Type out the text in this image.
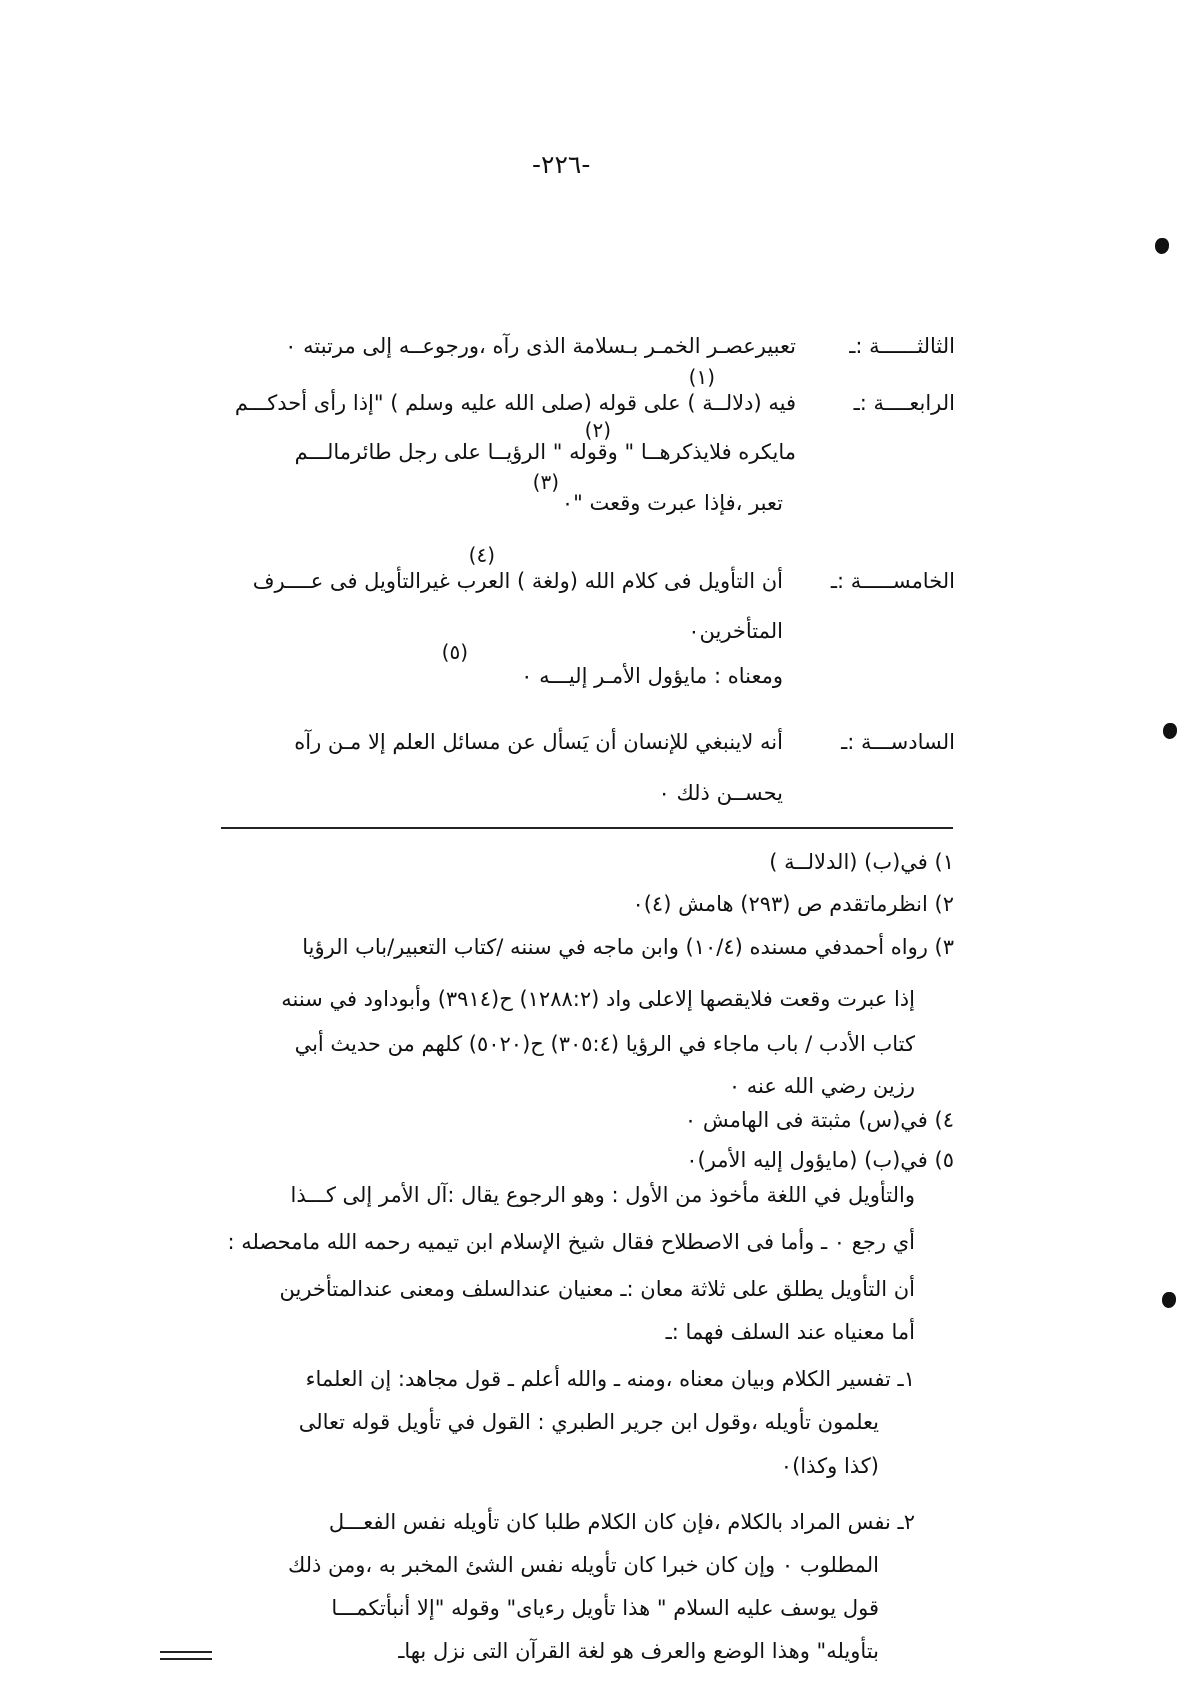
-٢٢٦-
الثالثــــــة :ـ
تعبيرعصـر الخمـر بـسلامة الذى رآه ،ورجوعــه إلى مرتبته ٠
(١)
الرابعــــة :ـ
فيه (دلالــة ) على قوله (صلى الله عليه وسلم ) "إذا رأى أحدكـــم
(٢)
مايكره فلايذكرهــا " وقوله " الرؤيــا على رجل طائرمالـــم
(٣)
تعبر ،فإذا عبرت وقعت "٠
(٤)
الخامســـــة :ـ
أن التأويل فى كلام الله (ولغة ) العرب غيرالتأويل فى عــــرف
المتأخرين٠
(٥)
ومعناه : مايؤول الأمـر إليـــه ٠
السادســـة :ـ
أنه لاينبغي للإنسان أن يَسأل عن مسائل العلم إلا مـن رآه
يحســن ذلك ٠
١) في(ب) (الدلالــة )
٢) انظرماتقدم ص (٢٩٣) هامش (٤)٠
٣) رواه أحمدفي مسنده (١٠/٤) وابن ماجه في سننه /كتاب التعبير/باب الرؤيا
إذا عبرت وقعت فلايقصها إلاعلى واد (١٢٨٨:٢) ح(٣٩١٤) وأبوداود في سننه
كتاب الأدب / باب ماجاء في الرؤيا (٣٠٥:٤) ح(٥٠٢٠) كلهم من حديث أبي
رزين رضي الله عنه ٠
٤) في(س) مثبتة فى الهامش ٠
٥) في(ب) (مايؤول إليه الأمر)٠
والتأويل في اللغة مأخوذ من الأول : وهو الرجوع يقال :آل الأمر إلى كـــذا
أي رجع ٠ ـ وأما فى الاصطلاح فقال شيخ الإسلام ابن تيميه رحمه الله مامحصله :
أن التأويل يطلق على ثلاثة معان :ـ معنيان عندالسلف ومعنى عندالمتأخرين
أما معنياه عند السلف فهما :ـ
١ـ تفسير الكلام وبيان معناه ،ومنه ـ والله أعلم ـ قول مجاهد: إن العلماء
يعلمون تأويله ،وقول ابن جرير الطبري : القول في تأويل قوله تعالى
(كذا وكذا)٠
٢ـ نفس المراد بالكلام ،فإن كان الكلام طلبا كان تأويله نفس الفعـــل
المطلوب ٠ وإن كان خبرا كان تأويله نفس الشئ المخبر به ،ومن ذلك
قول يوسف عليه السلام " هذا تأويل رءياى" وقوله "إلا أنبأتكمـــا
بتأويله" وهذا الوضع والعرف هو لغة القرآن التى نزل بهاـ
